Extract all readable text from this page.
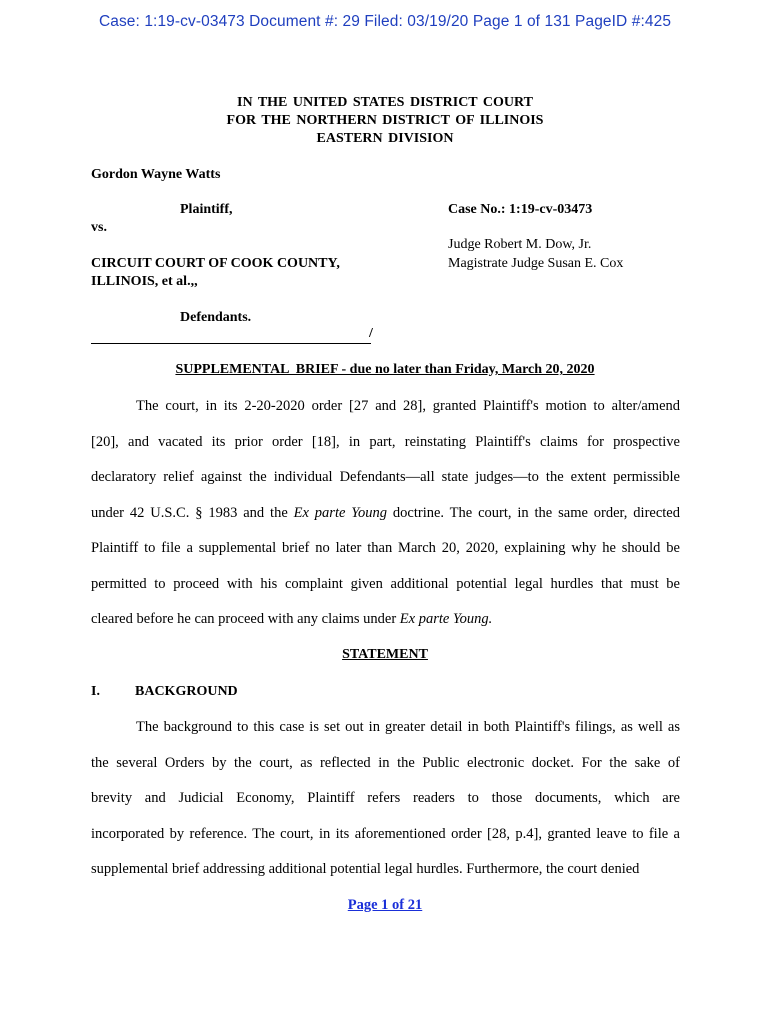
Case: 1:19-cv-03473 Document #: 29 Filed: 03/19/20 Page 1 of 131 PageID #:425
IN THE UNITED STATES DISTRICT COURT
FOR THE NORTHERN DISTRICT OF ILLINOIS
EASTERN DIVISION
Gordon Wayne Watts
Plaintiff,	Case No.: 1:19-cv-03473
vs.
Judge Robert M. Dow, Jr.
Magistrate Judge Susan E. Cox
CIRCUIT COURT OF COOK COUNTY,
ILLINOIS, et al.,,
Defendants.
/
SUPPLEMENTAL  BRIEF - due no later than Friday, March 20, 2020
The court, in its 2-20-2020 order [27 and 28], granted Plaintiff's motion to alter/amend
[20], and vacated its prior order [18], in part, reinstating Plaintiff's claims for prospective
declaratory relief against the individual Defendants—all state judges—to the extent permissible
under 42 U.S.C. § 1983 and the Ex parte Young doctrine. The court, in the same order, directed
Plaintiff to file a supplemental brief no later than March 20, 2020, explaining why he should be
permitted to proceed with his complaint given additional potential legal hurdles that must be
cleared before he can proceed with any claims under Ex parte Young.
STATEMENT
I.	BACKGROUND
The background to this case is set out in greater detail in both Plaintiff's filings, as well as
the several Orders by the court, as reflected in the Public electronic docket. For the sake of
brevity and Judicial Economy, Plaintiff refers readers to those documents, which are
incorporated by reference. The court, in its aforementioned order [28, p.4], granted leave to file a
supplemental brief addressing additional potential legal hurdles. Furthermore, the court denied
Page 1 of 21
